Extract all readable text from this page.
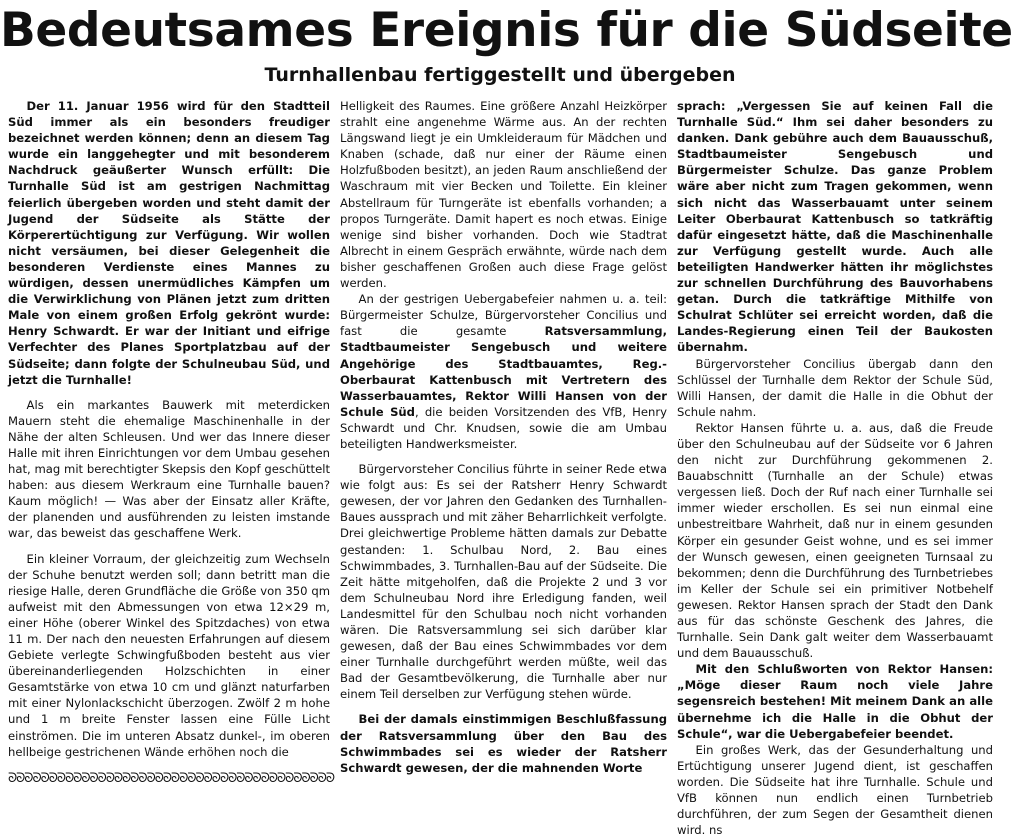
Bedeutsames Ereignis für die Südseite
Turnhallenbau fertiggestellt und übergeben

Der 11. Januar 1956 wird für den Stadtteil Süd immer als ein besonders freudiger bezeichnet werden können; denn an diesem Tag wurde ein langgehegter und mit besonderem Nachdruck geäußerter Wunsch erfüllt: Die Turnhalle Süd ist am gestrigen Nachmittag feierlich übergeben worden und steht damit der Jugend der Südseite als Stätte der Körperertüchtigung zur Verfügung. Wir wollen nicht versäumen, bei dieser Gelegenheit die besonderen Verdienste eines Mannes zu würdigen, dessen unermüdliches Kämpfen um die Verwirklichung von Plänen jetzt zum dritten Male von einem großen Erfolg gekrönt wurde: Henry Schwardt. Er war der Initiant und eifrige Verfechter des Planes Sportplatzbau auf der Südseite; dann folgte der Schulneubau Süd, und jetzt die Turnhalle!

Als ein markantes Bauwerk mit meterdicken Mauern steht die ehemalige Maschinenhalle in der Nähe der alten Schleusen. Und wer das Innere dieser Halle mit ihren Einrichtungen vor dem Umbau gesehen hat, mag mit berechtigter Skepsis den Kopf geschüttelt haben: aus diesem Werkraum eine Turnhalle bauen? Kaum möglich! — Was aber der Einsatz aller Kräfte, der planenden und ausführenden zu leisten imstande war, das beweist das geschaffene Werk.

Ein kleiner Vorraum, der gleichzeitig zum Wechseln der Schuhe benutzt werden soll; dann betritt man die riesige Halle, deren Grundfläche die Größe von 350 qm aufweist mit den Abmessungen von etwa 12×29 m, einer Höhe (oberer Winkel des Spitzdaches) von etwa 11 m. Der nach den neuesten Erfahrungen auf diesem Gebiete verlegte Schwingfußboden besteht aus vier übereinanderliegenden Holzschichten in einer Gesamtstärke von etwa 10 cm und glänzt naturfarben mit einer Nylonlackschicht überzogen. Zwölf 2 m hohe und 1 m breite Fenster lassen eine Fülle Licht einströmen. Die im unteren Absatz dunkel-, im oberen hellbeige gestrichenen Wände erhöhen noch die

ᘐᘐᘐᘐᘐᘐᘐᘐᘐᘐᘐᘐᘐᘐᘐᘐᘐᘐᘐᘐᘐᘐᘐᘐᘐᘐᘐᘐᘐᘐᘐᘐᘐᘐᘐᘐᘐᘐᘐᘐ

Helligkeit des Raumes. Eine größere Anzahl Heizkörper strahlt eine angenehme Wärme aus. An der rechten Längswand liegt je ein Umkleideraum für Mädchen und Knaben (schade, daß nur einer der Räume einen Holzfußboden besitzt), an jeden Raum anschließend der Waschraum mit vier Becken und Toilette. Ein kleiner Abstellraum für Turngeräte ist ebenfalls vorhanden; a propos Turngeräte. Damit hapert es noch etwas. Einige wenige sind bisher vorhanden. Doch wie Stadtrat Albrecht in einem Gespräch erwähnte, würde nach dem bisher geschaffenen Großen auch diese Frage gelöst werden.

An der gestrigen Uebergabefeier nahmen u. a. teil: Bürgermeister Schulze, Bürgervorsteher Concilius und fast die gesamte Ratsversammlung, Stadtbaumeister Sengebusch und weitere Angehörige des Stadtbauamtes, Reg.- Oberbaurat Kattenbusch mit Vertretern des Wasserbauamtes, Rektor Willi Hansen von der Schule Süd, die beiden Vorsitzenden des VfB, Henry Schwardt und Chr. Knudsen, sowie die am Umbau beteiligten Handwerksmeister.

Bürgervorsteher Concilius führte in seiner Rede etwa wie folgt aus: Es sei der Ratsherr Henry Schwardt gewesen, der vor Jahren den Gedanken des Turnhallen-Baues aussprach und mit zäher Beharrlichkeit verfolgte. Drei gleichwertige Probleme hätten damals zur Debatte gestanden: 1. Schulbau Nord, 2. Bau eines Schwimmbades, 3. Turnhallen-Bau auf der Südseite. Die Zeit hätte mitgeholfen, daß die Projekte 2 und 3 vor dem Schulneubau Nord ihre Erledigung fanden, weil Landesmittel für den Schulbau noch nicht vorhanden wären. Die Ratsversammlung sei sich darüber klar gewesen, daß der Bau eines Schwimmbades vor dem einer Turnhalle durchgeführt werden müßte, weil das Bad der Gesamtbevölkerung, die Turnhalle aber nur einem Teil derselben zur Verfügung stehen würde.

Bei der damals einstimmigen Beschlußfassung der Ratsversammlung über den Bau des Schwimmbades sei es wieder der Ratsherr Schwardt gewesen, der die mahnenden Worte

sprach: „Vergessen Sie auf keinen Fall die Turnhalle Süd.“ Ihm sei daher besonders zu danken. Dank gebühre auch dem Bauausschuß, Stadtbaumeister Sengebusch und Bürgermeister Schulze. Das ganze Problem wäre aber nicht zum Tragen gekommen, wenn sich nicht das Wasserbauamt unter seinem Leiter Oberbaurat Kattenbusch so tatkräftig dafür eingesetzt hätte, daß die Maschinenhalle zur Verfügung gestellt wurde. Auch alle beteiligten Handwerker hätten ihr möglichstes zur schnellen Durchführung des Bauvorhabens getan. Durch die tatkräftige Mithilfe von Schulrat Schlüter sei erreicht worden, daß die Landes-Regierung einen Teil der Baukosten übernahm.

Bürgervorsteher Concilius übergab dann den Schlüssel der Turnhalle dem Rektor der Schule Süd, Willi Hansen, der damit die Halle in die Obhut der Schule nahm.

Rektor Hansen führte u. a. aus, daß die Freude über den Schulneubau auf der Südseite vor 6 Jahren den nicht zur Durchführung gekommenen 2. Bauabschnitt (Turnhalle an der Schule) etwas vergessen ließ. Doch der Ruf nach einer Turnhalle sei immer wieder erschollen. Es sei nun einmal eine unbestreitbare Wahrheit, daß nur in einem gesunden Körper ein gesunder Geist wohne, und es sei immer der Wunsch gewesen, einen geeigneten Turnsaal zu bekommen; denn die Durchführung des Turnbetriebes im Keller der Schule sei ein primitiver Notbehelf gewesen. Rektor Hansen sprach der Stadt den Dank aus für das schönste Geschenk des Jahres, die Turnhalle. Sein Dank galt weiter dem Wasserbauamt und dem Bauausschuß.

Mit den Schlußworten von Rektor Hansen: „Möge dieser Raum noch viele Jahre segensreich bestehen! Mit meinem Dank an alle übernehme ich die Halle in die Obhut der Schule“, war die Uebergabefeier beendet.

Ein großes Werk, das der Gesunderhaltung und Ertüchtigung unserer Jugend dient, ist geschaffen worden. Die Südseite hat ihre Turnhalle. Schule und VfB können nun endlich einen Turnbetrieb durchführen, der zum Segen der Gesamtheit dienen wird. ns
